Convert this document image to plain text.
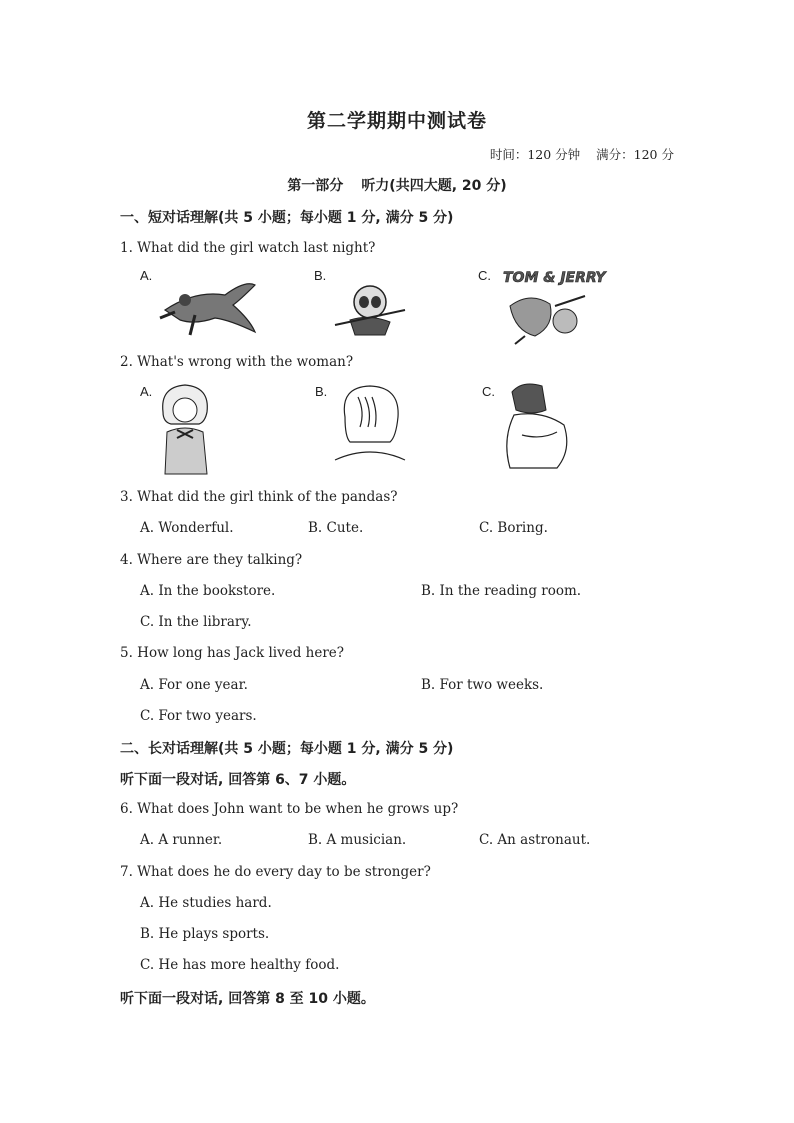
第二学期期中测试卷
时间：120 分钟 满分：120 分
第一部分 听力(共四大题, 20 分)
一、短对话理解(共 5 小题；每小题 1 分, 满分 5 分)
1. What did the girl watch last night?
A.	B.	C. TOM & JERRY
2. What's wrong with the woman?
A.	B.	C.
3. What did the girl think of the pandas?
A. Wonderful.	B. Cute.	C. Boring.
4. Where are they talking?
A. In the bookstore.	B. In the reading room.
C. In the library.
5. How long has Jack lived here?
A. For one year.	B. For two weeks.
C. For two years.
二、长对话理解(共 5 小题；每小题 1 分, 满分 5 分)
听下面一段对话, 回答第 6、7 小题。
6. What does John want to be when he grows up?
A. A runner.	B. A musician.	C. An astronaut.
7. What does he do every day to be stronger?
A. He studies hard.
B. He plays sports.
C. He has more healthy food.
听下面一段对话, 回答第 8 至 10 小题。
